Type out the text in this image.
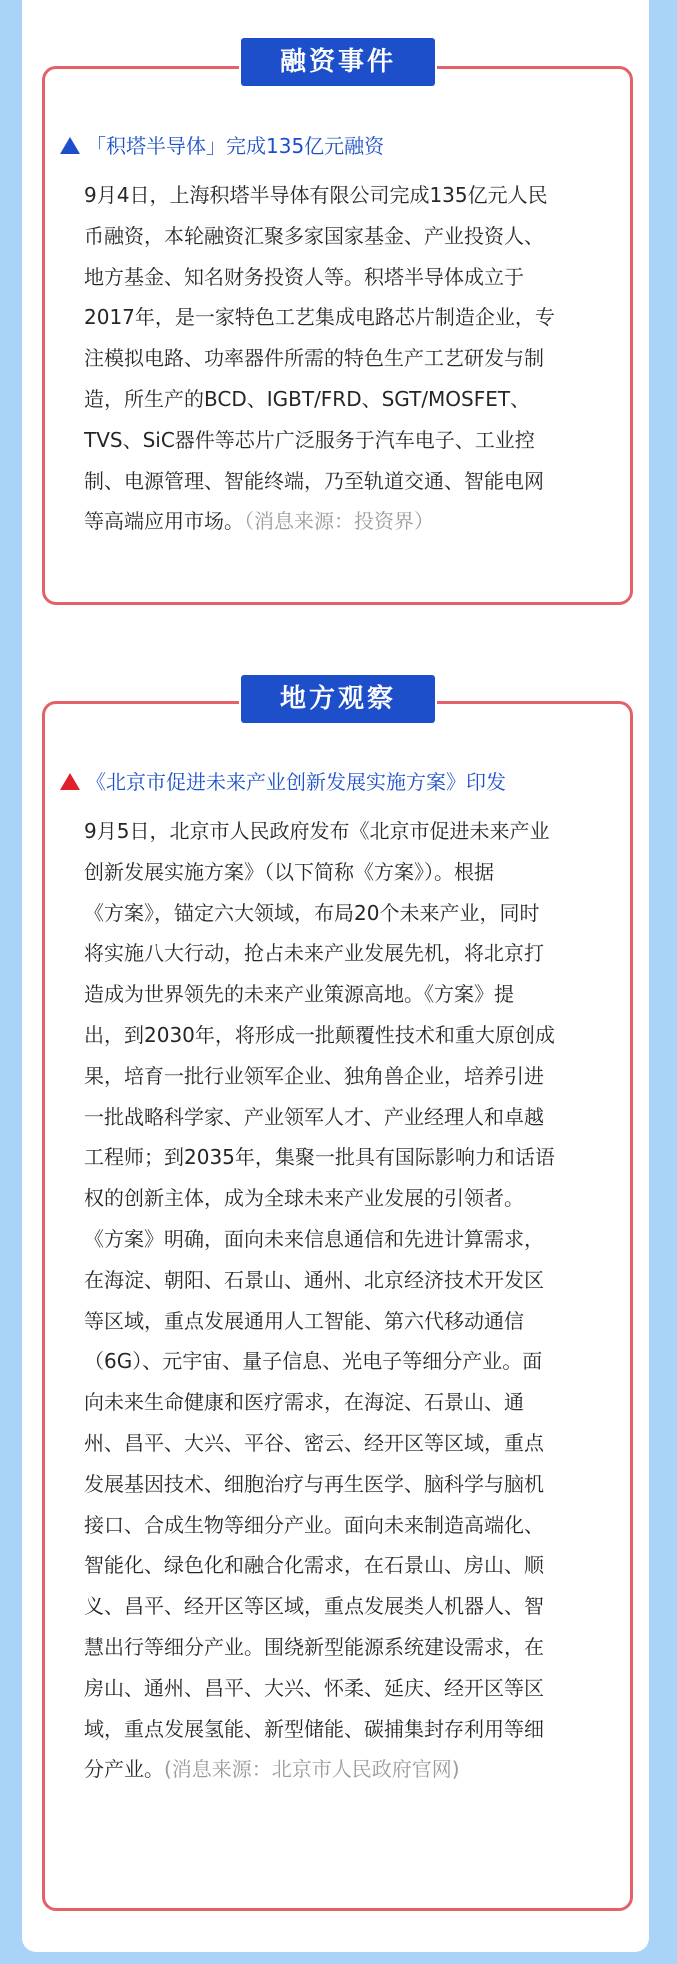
融资事件
「积塔半导体」完成135亿元融资
9月4日，上海积塔半导体有限公司完成135亿元人民
币融资，本轮融资汇聚多家国家基金、产业投资人、
地方基金、知名财务投资人等。积塔半导体成立于
2017年，是一家特色工艺集成电路芯片制造企业，专
注模拟电路、功率器件所需的特色生产工艺研发与制
造，所生产的BCD、IGBT/FRD、SGT/MOSFET、
TVS、SiC器件等芯片广泛服务于汽车电子、工业控
制、电源管理、智能终端，乃至轨道交通、智能电网
等高端应用市场。（消息来源：投资界）
地方观察
《北京市促进未来产业创新发展实施方案》印发
9月5日，北京市人民政府发布《北京市促进未来产业
创新发展实施方案》（以下简称《方案》）。根据
《方案》，锚定六大领域，布局20个未来产业，同时
将实施八大行动，抢占未来产业发展先机，将北京打
造成为世界领先的未来产业策源高地。《方案》提
出，到2030年，将形成一批颠覆性技术和重大原创成
果，培育一批行业领军企业、独角兽企业，培养引进
一批战略科学家、产业领军人才、产业经理人和卓越
工程师；到2035年，集聚一批具有国际影响力和话语
权的创新主体，成为全球未来产业发展的引领者。
《方案》明确，面向未来信息通信和先进计算需求，
在海淀、朝阳、石景山、通州、北京经济技术开发区
等区域，重点发展通用人工智能、第六代移动通信
（6G）、元宇宙、量子信息、光电子等细分产业。面
向未来生命健康和医疗需求，在海淀、石景山、通
州、昌平、大兴、平谷、密云、经开区等区域，重点
发展基因技术、细胞治疗与再生医学、脑科学与脑机
接口、合成生物等细分产业。面向未来制造高端化、
智能化、绿色化和融合化需求，在石景山、房山、顺
义、昌平、经开区等区域，重点发展类人机器人、智
慧出行等细分产业。围绕新型能源系统建设需求，在
房山、通州、昌平、大兴、怀柔、延庆、经开区等区
域，重点发展氢能、新型储能、碳捕集封存利用等细
分产业。(消息来源：北京市人民政府官网)
